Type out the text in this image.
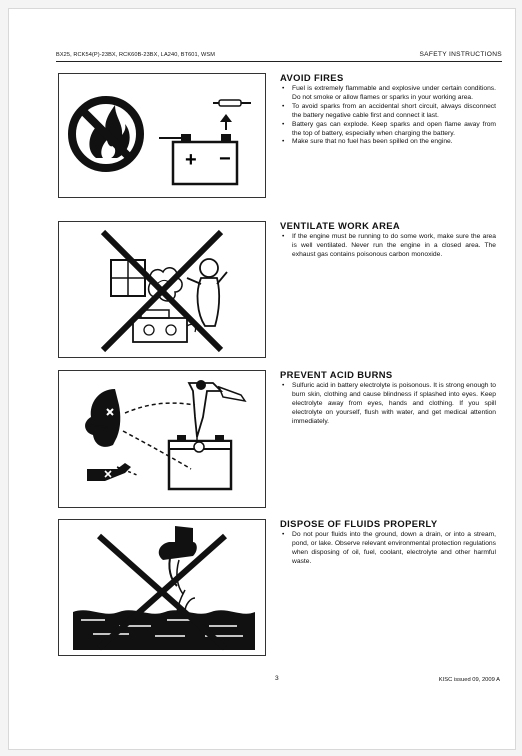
BX25, RCK54(P)-23BX, RCK60B-23BX, LA240, BT601, WSM	SAFETY INSTRUCTIONS
+ −
AVOID FIRES
• Fuel is extremely flammable and explosive under certain conditions. Do not smoke or allow flames or sparks in your working area.
• To avoid sparks from an accidental short circuit, always disconnect the battery negative cable first and connect it last.
• Battery gas can explode. Keep sparks and open flame away from the top of battery, especially when charging the battery.
• Make sure that no fuel has been spilled on the engine.
VENTILATE WORK AREA
• If the engine must be running to do some work, make sure the area is well ventilated. Never run the engine in a closed area. The exhaust gas contains poisonous carbon monoxide.
PREVENT ACID BURNS
• Sulfuric acid in battery electrolyte is poisonous. It is strong enough to burn skin, clothing and cause blindness if splashed into eyes. Keep electrolyte away from eyes, hands and clothing. If you spill electrolyte on yourself, flush with water, and get medical attention immediately.
DISPOSE OF FLUIDS PROPERLY
• Do not pour fluids into the ground, down a drain, or into a stream, pond, or lake. Observe relevant environmental protection regulations when disposing of oil, fuel, coolant, electrolyte and other harmful waste.
3	KISC issued 09, 2009 A
